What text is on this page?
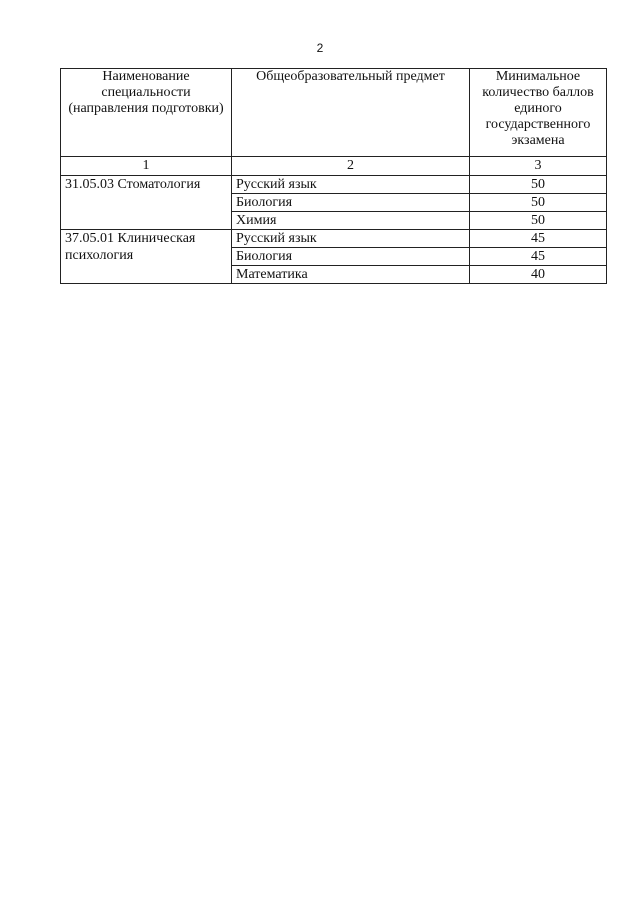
2
Наименование специальности (направления подготовки)	Общеобразовательный предмет	Минимальное количество баллов единого государственного экзамена
1	2	3
31.05.03 Стоматология	Русский язык	50
	Биология	50
	Химия	50
37.05.01 Клиническая психология	Русский язык	45
	Биология	45
	Математика	40
